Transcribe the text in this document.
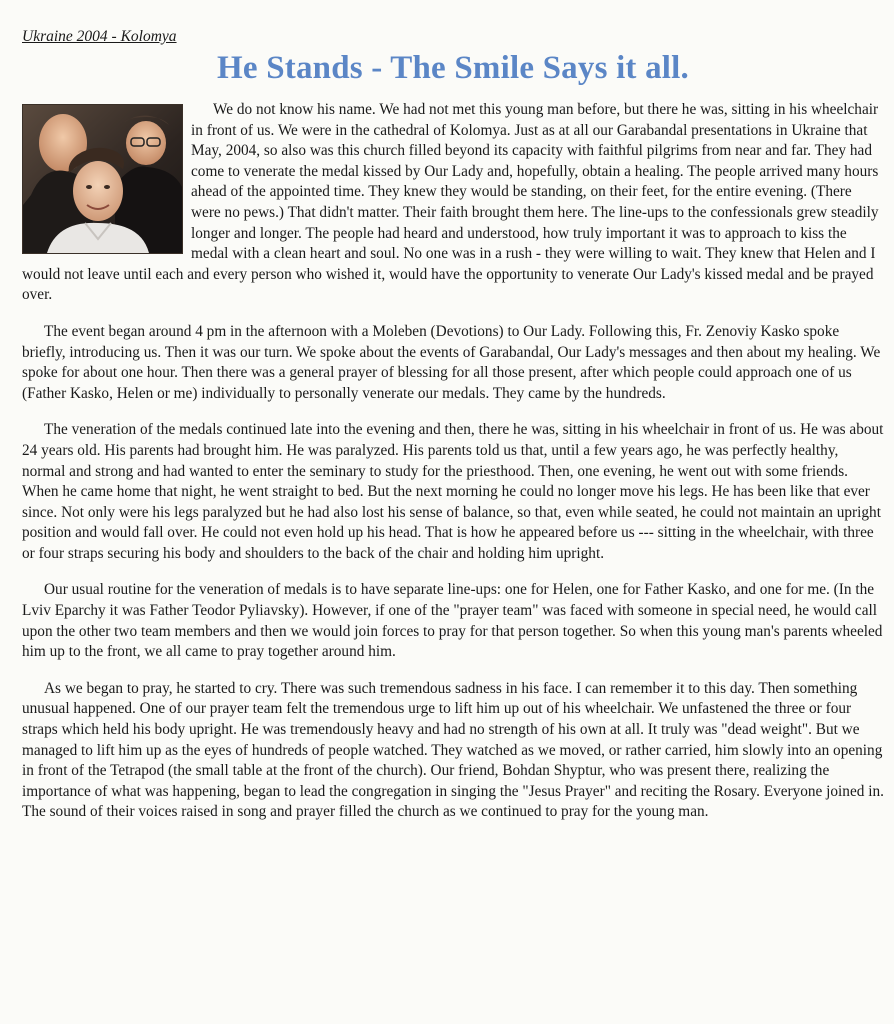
Ukraine 2004 - Kolomya
He Stands - The Smile Says it all.

We do not know his name. We had not met this young man before, but there he was, sitting in his wheelchair in front of us. We were in the cathedral of Kolomya. Just as at all our Garabandal presentations in Ukraine that May, 2004, so also was this church filled beyond its capacity with faithful pilgrims from near and far. They had come to venerate the medal kissed by Our Lady and, hopefully, obtain a healing. The people arrived many hours ahead of the appointed time. They knew they would be standing, on their feet, for the entire evening. (There were no pews.) That didn't matter. Their faith brought them here. The line-ups to the confessionals grew steadily longer and longer. The people had heard and understood, how truly important it was to approach to kiss the medal with a clean heart and soul. No one was in a rush - they were willing to wait. They knew that Helen and I would not leave until each and every person who wished it, would have the opportunity to venerate Our Lady's kissed medal and be prayed over.

The event began around 4 pm in the afternoon with a Moleben (Devotions) to Our Lady. Following this, Fr. Zenoviy Kasko spoke briefly, introducing us. Then it was our turn. We spoke about the events of Garabandal, Our Lady's messages and then about my healing. We spoke for about one hour. Then there was a general prayer of blessing for all those present, after which people could approach one of us (Father Kasko, Helen or me) individually to personally venerate our medals. They came by the hundreds.

The veneration of the medals continued late into the evening and then, there he was, sitting in his wheelchair in front of us. He was about 24 years old. His parents had brought him. He was paralyzed. His parents told us that, until a few years ago, he was perfectly healthy, normal and strong and had wanted to enter the seminary to study for the priesthood. Then, one evening, he went out with some friends. When he came home that night, he went straight to bed. But the next morning he could no longer move his legs. He has been like that ever since. Not only were his legs paralyzed but he had also lost his sense of balance, so that, even while seated, he could not maintain an upright position and would fall over. He could not even hold up his head. That is how he appeared before us --- sitting in the wheelchair, with three or four straps securing his body and shoulders to the back of the chair and holding him upright.

Our usual routine for the veneration of medals is to have separate line-ups: one for Helen, one for Father Kasko, and one for me. (In the Lviv Eparchy it was Father Teodor Pyliavsky). However, if one of the "prayer team" was faced with someone in special need, he would call upon the other two team members and then we would join forces to pray for that person together. So when this young man's parents wheeled him up to the front, we all came to pray together around him.

As we began to pray, he started to cry. There was such tremendous sadness in his face. I can remember it to this day. Then something unusual happened. One of our prayer team felt the tremendous urge to lift him up out of his wheelchair. We unfastened the three or four straps which held his body upright. He was tremendously heavy and had no strength of his own at all. It truly was "dead weight". But we managed to lift him up as the eyes of hundreds of people watched. They watched as we moved, or rather carried, him slowly into an opening in front of the Tetrapod (the small table at the front of the church). Our friend, Bohdan Shyptur, who was present there, realizing the importance of what was happening, began to lead the congregation in singing the "Jesus Prayer" and reciting the Rosary. Everyone joined in. The sound of their voices raised in song and prayer filled the church as we continued to pray for the young man.
